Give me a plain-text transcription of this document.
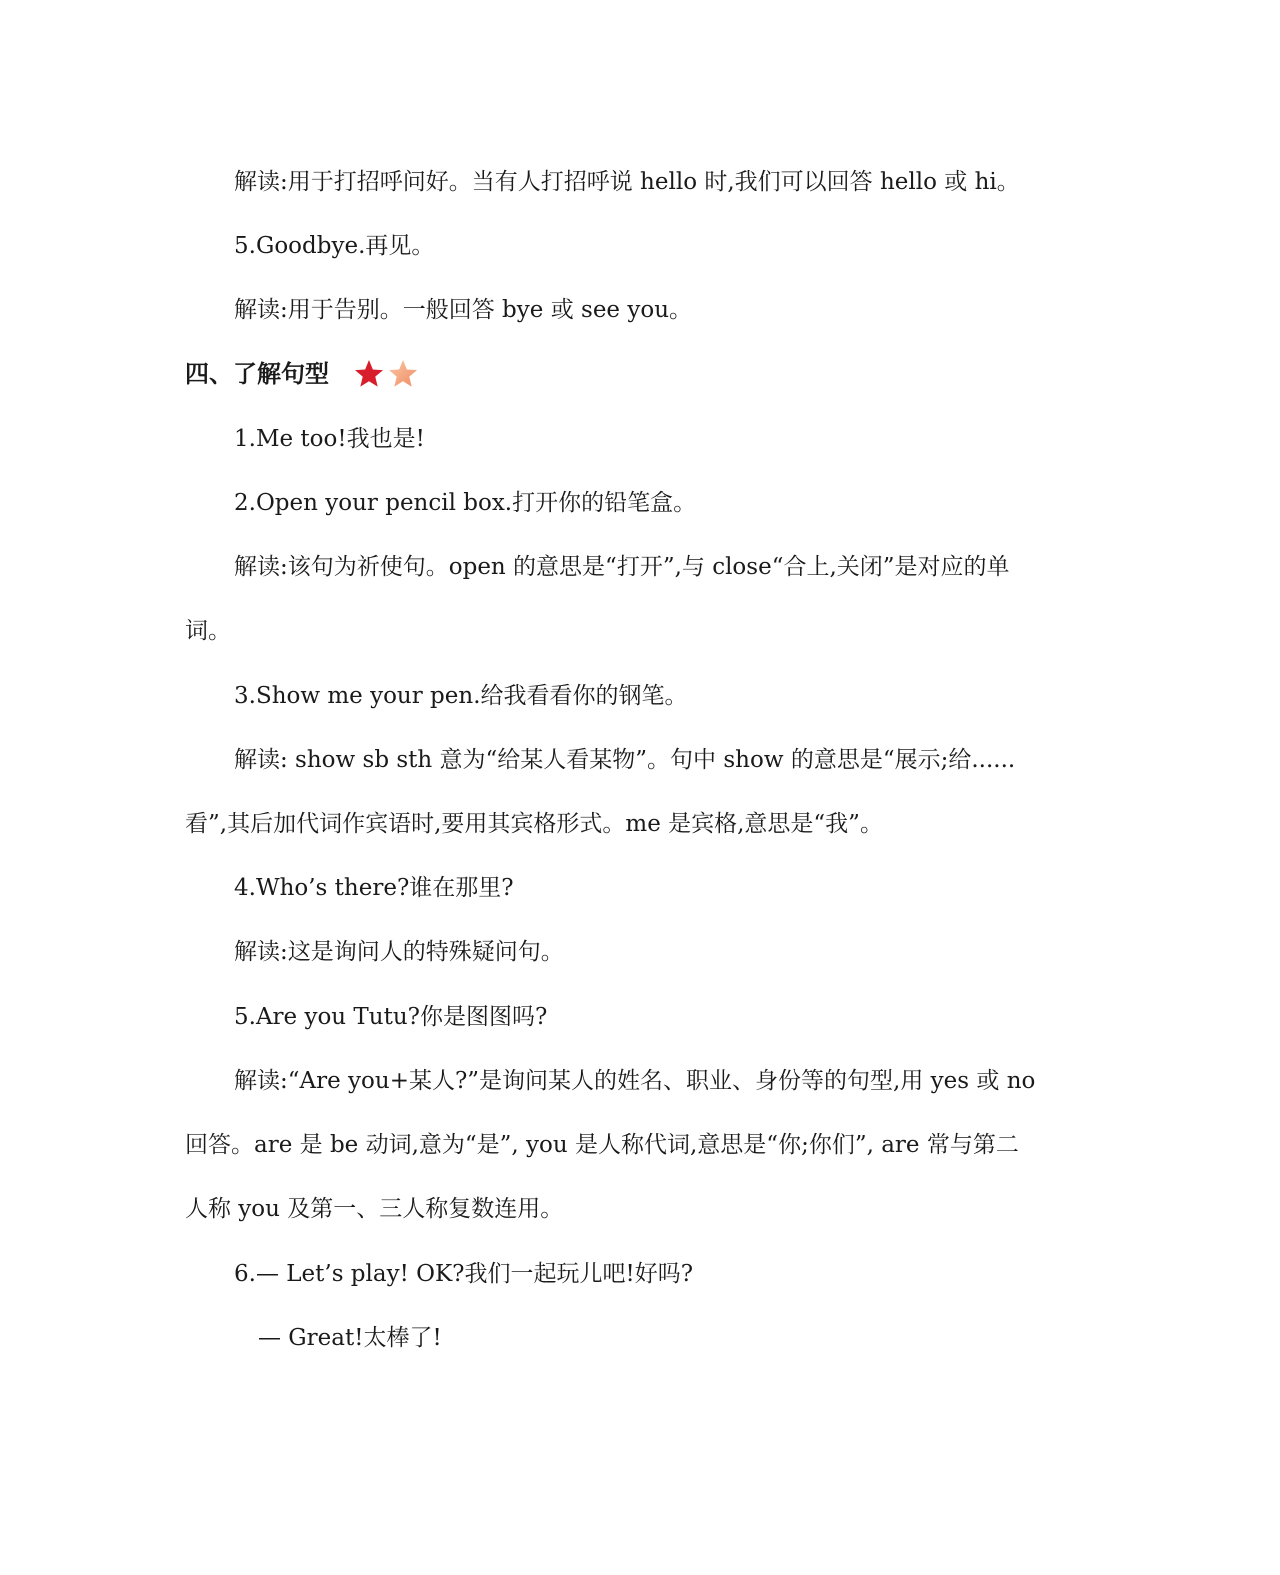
解读:用于打招呼问好。当有人打招呼说 hello 时,我们可以回答 hello 或 hi。
5.Goodbye.再见。
解读:用于告别。一般回答 bye 或 see you。
四、了解句型
1.Me too!我也是!
2.Open your pencil box.打开你的铅笔盒。
解读:该句为祈使句。open 的意思是“打开”,与 close“合上,关闭”是对应的单
词。
3.Show me your pen.给我看看你的钢笔。
解读: show sb sth 意为“给某人看某物”。句中 show 的意思是“展示;给......
看”,其后加代词作宾语时,要用其宾格形式。me 是宾格,意思是“我”。
4.Who’s there?谁在那里?
解读:这是询问人的特殊疑问句。
5.Are you Tutu?你是图图吗?
解读:“Are you+某人?”是询问某人的姓名、职业、身份等的句型,用 yes 或 no
回答。are 是 be 动词,意为“是”, you 是人称代词,意思是“你;你们”, are 常与第二
人称 you 及第一、三人称复数连用。
6.— Let’s play! OK?我们一起玩儿吧!好吗?
— Great!太棒了!
